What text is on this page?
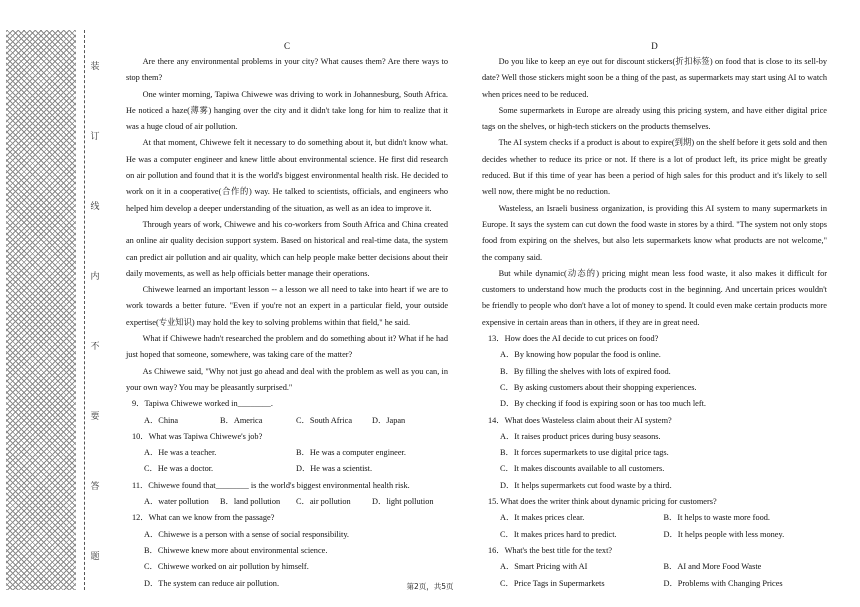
装
订
线
内
不
要
答
题
C

Are there any environmental problems in your city? What causes them? Are there ways to stop them?

One winter morning, Tapiwa Chiwewe was driving to work in Johannesburg, South Africa. He noticed a haze(薄雾) hanging over the city and it didn't take long for him to realize that it was a huge cloud of air pollution.

At that moment, Chiwewe felt it necessary to do something about it, but didn't know what. He was a computer engineer and knew little about environmental science. He first did research on air pollution and found that it is the world's biggest environmental health risk. He decided to work on it in a cooperative(合作的) way. He talked to scientists, officials, and engineers who helped him develop a deeper understanding of the situation, as well as an idea to improve it.

Through years of work, Chiwewe and his co-workers from South Africa and China created an online air quality decision support system. Based on historical and real-time data, the system can predict air pollution and air quality, which can help people make better decisions about their daily movements, as well as help officials better manage their operations.

Chiwewe learned an important lesson -- a lesson we all need to take into heart if we are to work towards a better future. "Even if you're not an expert in a particular field, your outside expertise(专业知识) may hold the key to solving problems within that field," he said.

What if Chiwewe hadn't researched the problem and do something about it? What if he had just hoped that someone, somewhere, was taking care of the matter?

As Chiwewe said, "Why not just go ahead and deal with the problem as well as you can, in your own way? You may be pleasantly surprised."

9．Tapiwa Chiwewe worked in________.
A．China	B．America	C．South Africa	D．Japan
10．What was Tapiwa Chiwewe's job?
A．He was a teacher.	B．He was a computer engineer.
C．He was a doctor.	D．He was a scientist.
11．Chiwewe found that________ is the world's biggest environmental health risk.
A．water pollution	B．land pollution	C．air pollution	D．light pollution
12．What can we know from the passage?
A．Chiwewe is a person with a sense of social responsibility.
B．Chiwewe knew more about environmental science.
C．Chiwewe worked on air pollution by himself.
D．The system can reduce air pollution.
D

Do you like to keep an eye out for discount stickers(折扣标签) on food that is close to its sell-by date? Well those stickers might soon be a thing of the past, as supermarkets may start using AI to watch when prices need to be reduced.

Some supermarkets in Europe are already using this pricing system, and have either digital price tags on the shelves, or high-tech stickers on the products themselves.

The AI system checks if a product is about to expire(到期) on the shelf before it gets sold and then decides whether to reduce its price or not. If there is a lot of product left, its price might be greatly reduced. But if this time of year has been a period of high sales for this product and it's likely to sell well now, there might be no reduction.

Wasteless, an Israeli business organization, is providing this AI system to many supermarkets in Europe. It says the system can cut down the food waste in stores by a third. "The system not only stops food from expiring on the shelves, but also lets supermarkets know what products are not welcome," the company said.

But while dynamic(动态的) pricing might mean less food waste, it also makes it difficult for customers to understand how much the products cost in the beginning. And uncertain prices wouldn't be friendly to people who don't have a lot of money to spend. It could even make certain products more expensive in certain areas than in others, if they are in great need.

13．How does the AI decide to cut prices on food?
A．By knowing how popular the food is online.
B．By filling the shelves with lots of expired food.
C．By asking customers about their shopping experiences.
D．By checking if food is expiring soon or has too much left.
14．What does Wasteless claim about their AI system?
A．It raises product prices during busy seasons.
B．It forces supermarkets to use digital price tags.
C．It makes discounts available to all customers.
D．It helps supermarkets cut food waste by a third.
15. What does the writer think about dynamic pricing for customers?
A．It makes prices clear.	B．It helps to waste more food.
C．It makes prices hard to predict.	D．It helps people with less money.
16．What's the best title for the text?
A．Smart Pricing with AI	B．AI and More Food Waste
C．Price Tags in Supermarkets	D．Problems with Changing Prices
第2页，共5页
